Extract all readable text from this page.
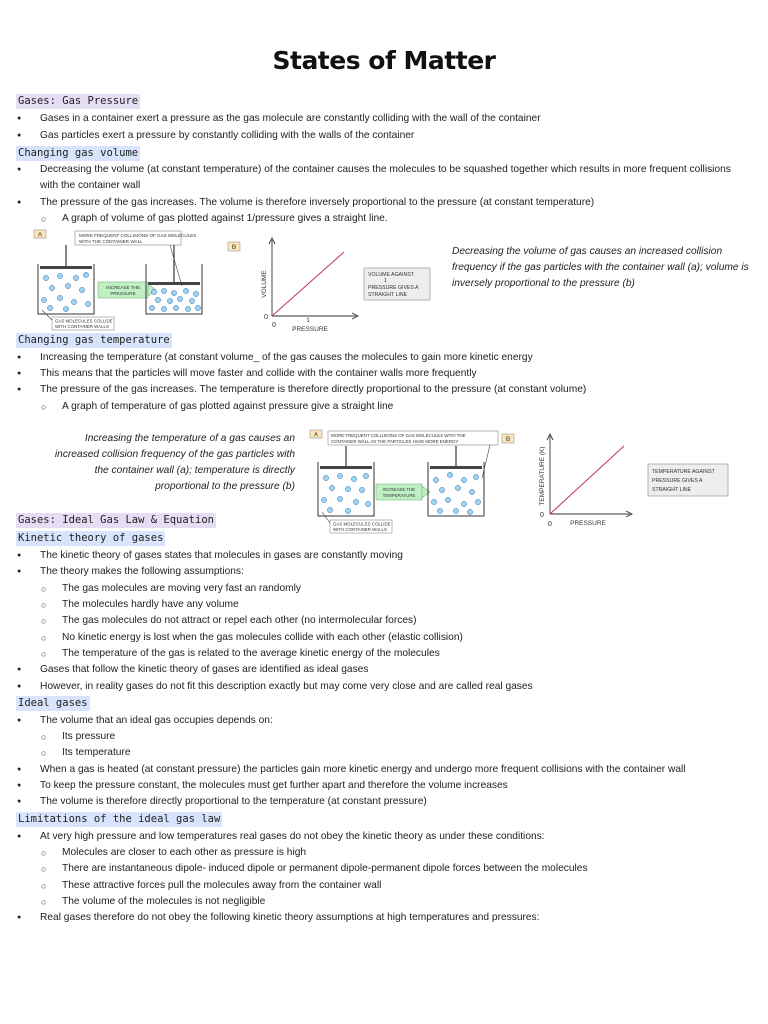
States of Matter
Gases: Gas Pressure
● Gases in a container exert a pressure as the gas molecule are constantly colliding with the wall of the container
● Gas particles exert a pressure by constantly colliding with the walls of the container
Changing gas volume
● Decreasing the volume (at constant temperature) of the container causes the molecules to be squashed together which results in more frequent collisions with the container wall
● The pressure of the gas increases. The volume is therefore inversely proportional to the pressure (at constant temperature)
○ A graph of volume of gas plotted against 1/pressure gives a straight line.
A	MORE FREQUENT COLLISIONS OF GAS MOLECULES
WITH THE CONTAINER WALL
INCREASE THE
PRESSURE
GAS MOLECULES COLLIDE
WITH CONTAINER WALLS
B
VOLUME
0
0
1
PRESSURE
VOLUME AGAINST
1
PRESSURE GIVES A
STRAIGHT LINE
Decreasing the volume of gas causes an increased collision frequency if the gas particles with the container wall (a); volume is inversely proportional to the pressure (b)
Changing gas temperature
● Increasing the temperature (at constant volume_ of the gas causes the molecules to gain more kinetic energy
● This means that the particles will move faster and collide with the container walls more frequently
● The pressure of the gas increases. The temperature is therefore directly proportional to the pressure (at constant volume)
○ A graph of temperature of gas plotted against pressure give a straight line
Increasing the temperature of a gas causes an increased collision frequency of the gas particles with the container wall (a); temperature is directly proportional to the pressure (b)
A	MORE FREQUENT COLLISIONS OF GAS MOLECULES WITH THE
CONTAINER WALL AS THE PARTICLES HAVE MORE ENERGY
INCREASE THE
TEMPERATURE
GAS MOLECULES COLLIDE
WITH CONTAINER WALLS
B
TEMPERATURE (K)
0
0	PRESSURE
TEMPERATURE AGAINST
PRESSURE GIVES A
STRAIGHT LINE
Gases: Ideal Gas Law & Equation
Kinetic theory of gases
● The kinetic theory of gases states that molecules in gases are constantly moving
● The theory makes the following assumptions:
○ The gas molecules are moving very fast an randomly
○ The molecules hardly have any volume
○ The gas molecules do not attract or repel each other (no intermolecular forces)
○ No kinetic energy is lost when the gas molecules collide with each other (elastic collision)
○ The temperature of the gas is related to the average kinetic energy of the molecules
● Gases that follow the kinetic theory of gases are identified as ideal gases
● However, in reality gases do not fit this description exactly but may come very close and are called real gases
Ideal gases
● The volume that an ideal gas occupies depends on:
○ Its pressure
○ Its temperature
● When a gas is heated (at constant pressure) the particles gain more kinetic energy and undergo more frequent collisions with the container wall
● To keep the pressure constant, the molecules must get further apart and therefore the volume increases
● The volume is therefore directly proportional to the temperature (at constant pressure)
Limitations of the ideal gas law
● At very high pressure and low temperatures real gases do not obey the kinetic theory as under these conditions:
○ Molecules are closer to each other as pressure is high
○ There are instantaneous dipole- induced dipole or permanent dipole-permanent dipole forces between the molecules
○ These attractive forces pull the molecules away from the container wall
○ The volume of the molecules is not negligible
● Real gases therefore do not obey the following kinetic theory assumptions at high temperatures and pressures:
